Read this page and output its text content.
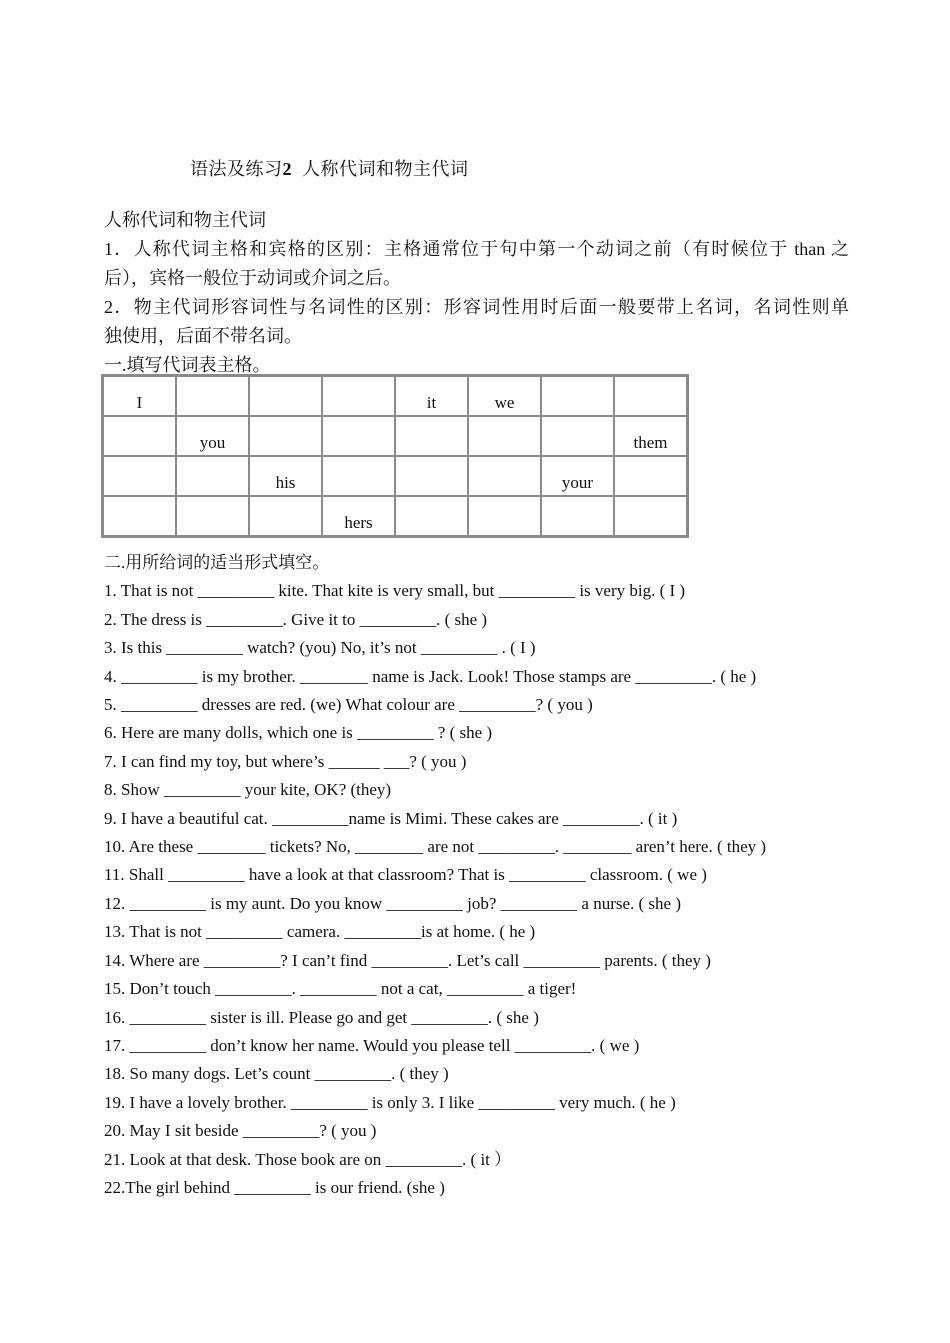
语法及练习2 人称代词和物主代词

人称代词和物主代词

1．人称代词主格和宾格的区别：主格通常位于句中第一个动词之前（有时候位于 than 之

后），宾格一般位于动词或介词之后。

2．物主代词形容词性与名词性的区别：形容词性用时后面一般要带上名词，名词性则单

独使用，后面不带名词。

一.填写代词表主格。

I				it	we		
	you						them
		his				your	
			hers				

二.用所给词的适当形式填空。

1. That is not _________ kite. That kite is very small, but _________ is very big. ( I )

2. The dress is _________. Give it to _________. ( she )

3. Is this _________ watch? (you) No, it’s not _________ . ( I )

4. _________ is my brother. ________ name is Jack. Look! Those stamps are _________. ( he )

5. _________ dresses are red. (we) What colour are _________? ( you )

6. Here are many dolls, which one is _________ ? ( she )

7. I can find my toy, but where’s ______ ___? ( you )

8. Show _________ your kite, OK? (they)

9. I have a beautiful cat. _________name is Mimi. These cakes are _________. ( it )

10. Are these ________ tickets? No, ________ are not _________. ________ aren’t here. ( they )

11. Shall _________ have a look at that classroom? That is _________ classroom. ( we )

12. _________ is my aunt. Do you know _________ job? _________ a nurse. ( she )

13. That is not _________ camera. _________is at home. ( he )

14. Where are _________? I can’t find _________. Let’s call _________ parents. ( they )

15. Don’t touch _________. _________ not a cat, _________ a tiger!

16. _________ sister is ill. Please go and get _________. ( she )

17. _________ don’t know her name. Would you please tell _________. ( we )

18. So many dogs. Let’s count _________. ( they )

19. I have a lovely brother. _________ is only 3. I like _________ very much. ( he )

20. May I sit beside _________? ( you )

21. Look at that desk. Those book are on _________. ( it ）

22.The girl behind _________ is our friend. (she )
